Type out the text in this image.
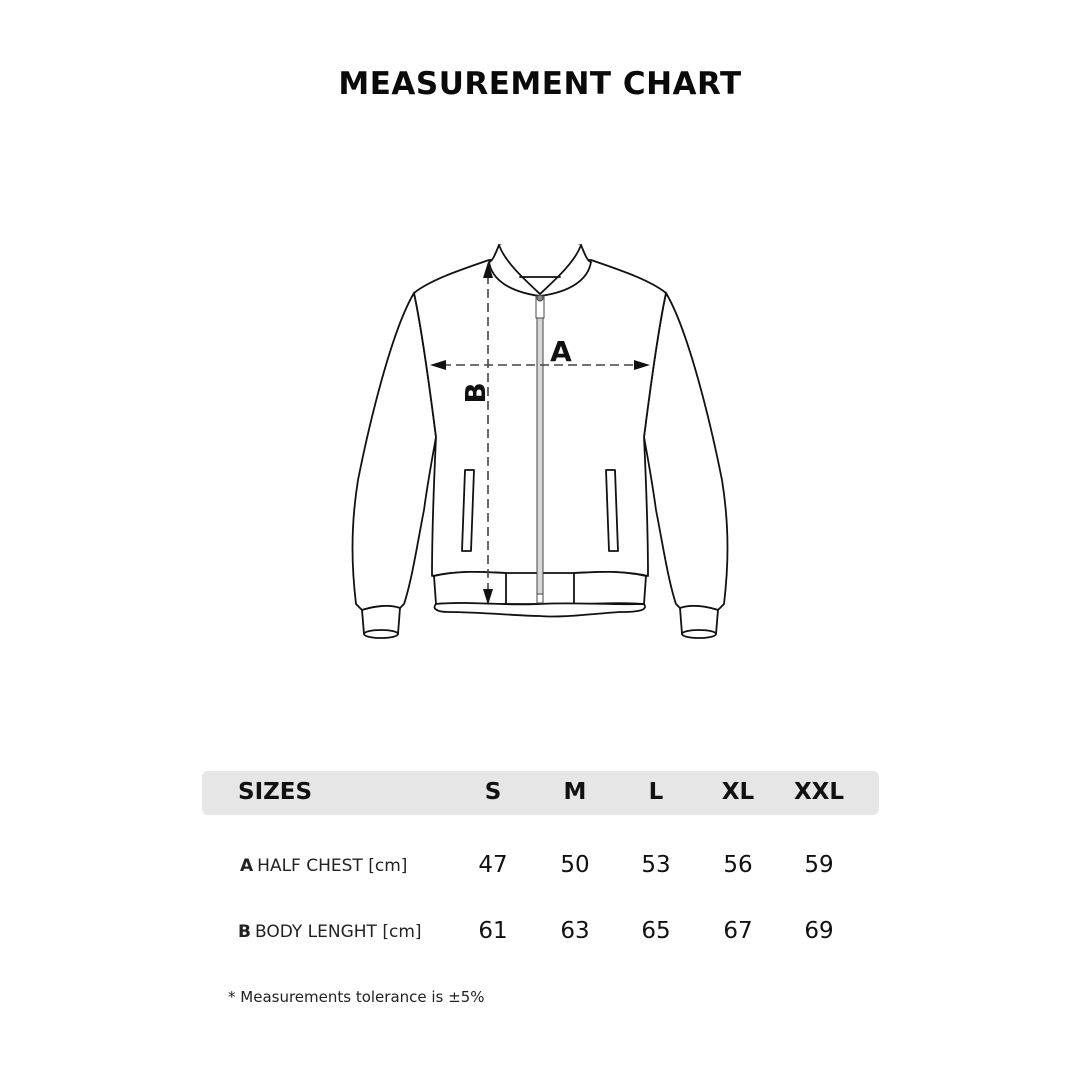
MEASUREMENT CHART
A
B
SIZES	S	M	L	XL XXL
A HALF CHEST [cm]	47 50 53 56 59
B BODY LENGHT [cm] 61 63 65 67 69
* Measurements tolerance is ±5%
